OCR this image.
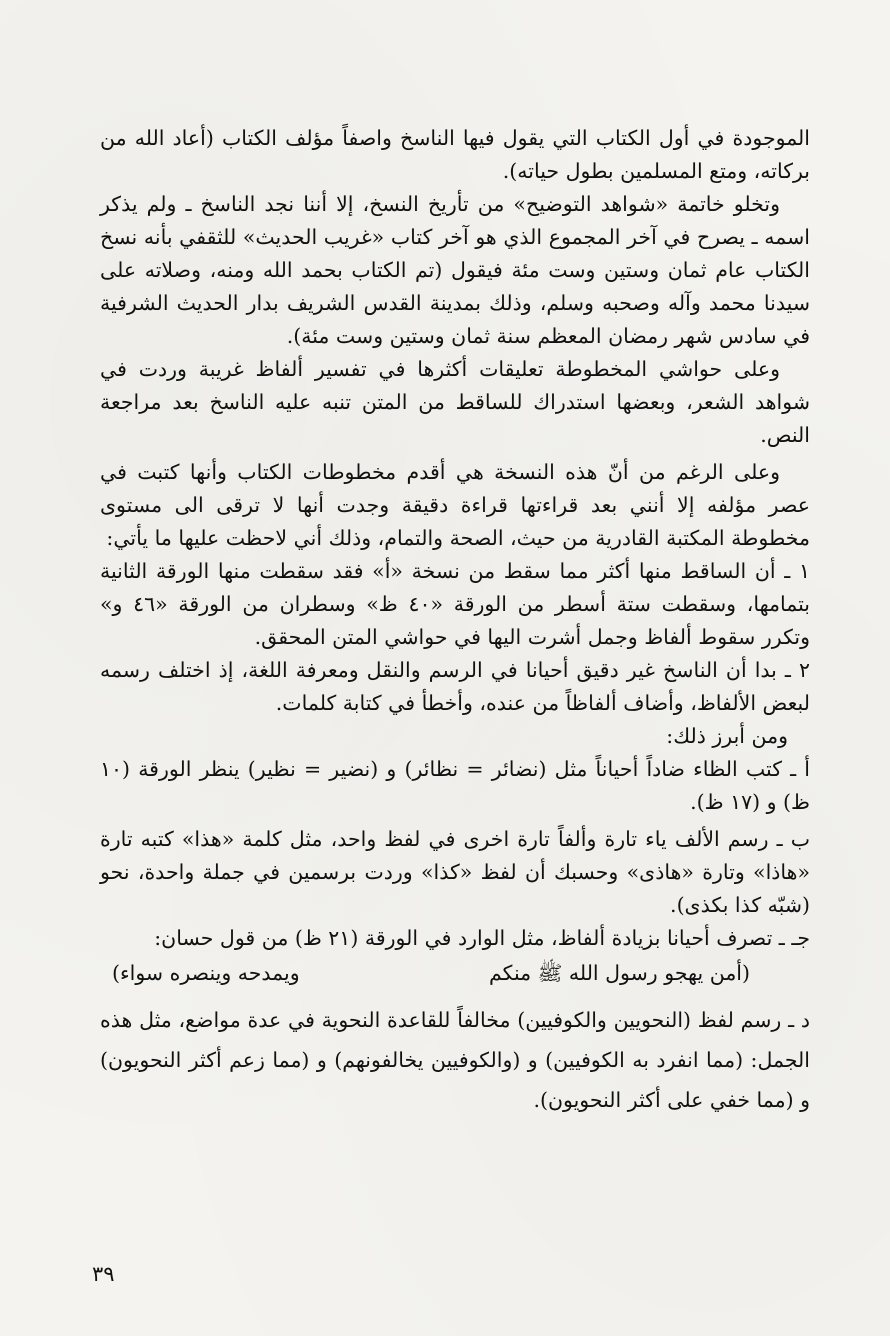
الموجودة في أول الكتاب التي يقول فيها الناسخ واصفاً مؤلف الكتاب (أعاد الله من بركاته، ومتع المسلمين بطول حياته).

وتخلو خاتمة «شواهد التوضيح» من تأريخ النسخ، إلا أننا نجد الناسخ ـ ولم يذكر اسمه ـ يصرح في آخر المجموع الذي هو آخر كتاب «غريب الحديث» للثقفي بأنه نسخ الكتاب عام ثمان وستين وست مئة فيقول (تم الكتاب بحمد الله ومنه، وصلاته على سيدنا محمد وآله وصحبه وسلم، وذلك بمدينة القدس الشريف بدار الحديث الشرفية في سادس شهر رمضان المعظم سنة ثمان وستين وست مئة).

وعلى حواشي المخطوطة تعليقات أكثرها في تفسير ألفاظ غريبة وردت في شواهد الشعر، وبعضها استدراك للساقط من المتن تنبه عليه الناسخ بعد مراجعة النص.

وعلى الرغم من أنّ هذه النسخة هي أقدم مخطوطات الكتاب وأنها كتبت في عصر مؤلفه إلا أنني بعد قراءتها قراءة دقيقة وجدت أنها لا ترقى الى مستوى مخطوطة المكتبة القادرية من حيث، الصحة والتمام، وذلك أني لاحظت عليها ما يأتي:

١ ـ أن الساقط منها أكثر مما سقط من نسخة «أ» فقد سقطت منها الورقة الثانية بتمامها، وسقطت ستة أسطر من الورقة «٤٠ ظ» وسطران من الورقة «٤٦ و» وتكرر سقوط ألفاظ وجمل أشرت اليها في حواشي المتن المحقق.

٢ ـ بدا أن الناسخ غير دقيق أحيانا في الرسم والنقل ومعرفة اللغة، إذ اختلف رسمه لبعض الألفاظ، وأضاف ألفاظاً من عنده، وأخطأ في كتابة كلمات.

ومن أبرز ذلك:

أ ـ كتب الظاء ضاداً أحياناً مثل (نضائر = نظائر) و (نضير = نظير) ينظر الورقة (١٠ ظ) و (١٧ ظ).

ب ـ رسم الألف ياء تارة وألفاً تارة اخرى في لفظ واحد، مثل كلمة «هذا» كتبه تارة «هاذا» وتارة «هاذى» وحسبك أن لفظ «كذا» وردت برسمين في جملة واحدة، نحو (شبّه كذا بكذى).

جـ ـ تصرف أحيانا بزيادة ألفاظ، مثل الوارد في الورقة (٢١ ظ) من قول حسان:

(أمن يهجو رسول الله ﷺ منكم
ويمدحه وينصره سواء)

د ـ رسم لفظ (النحويين والكوفيين) مخالفاً للقاعدة النحوية في عدة مواضع، مثل هذه الجمل: (مما انفرد به الكوفيين) و (والكوفيين يخالفونهم) و (مما زعم أكثر النحويون) و (مما خفي على أكثر النحويون).

٣٩
